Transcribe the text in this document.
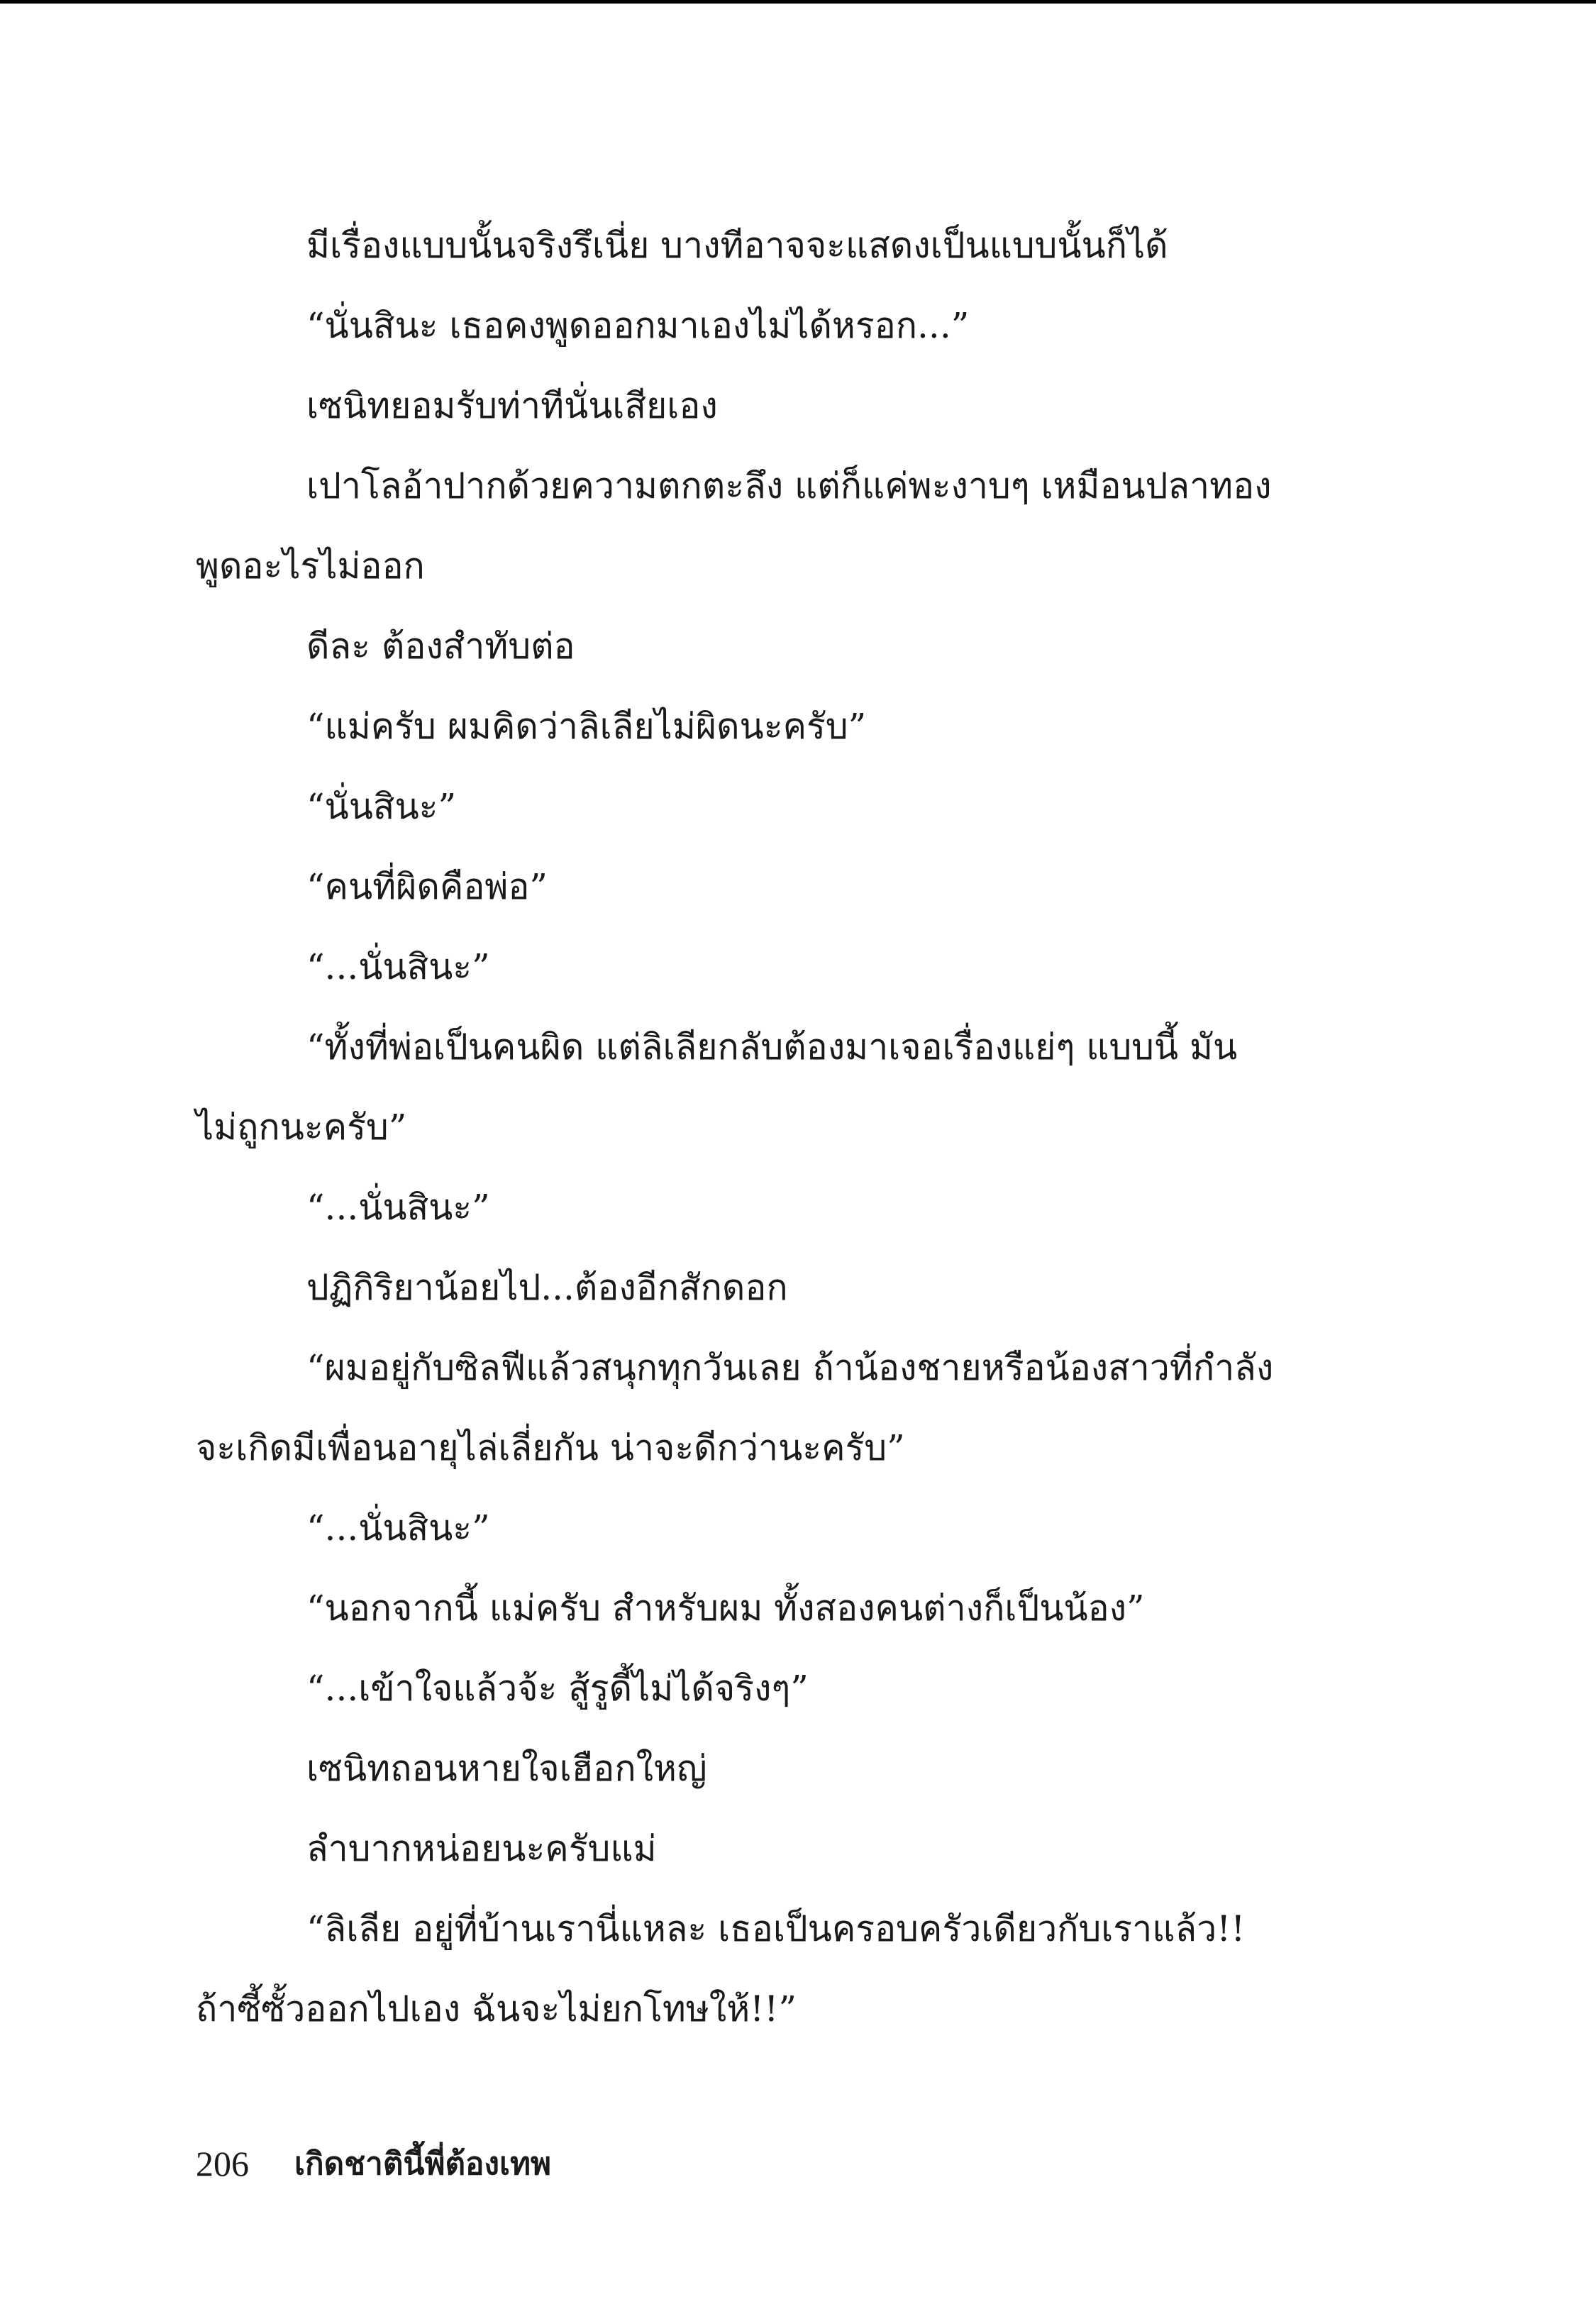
มีเรื่องแบบนั้นจริงรึเนี่ย บางทีอาจจะแสดงเป็นแบบนั้นก็ได้

“นั่นสินะ เธอคงพูดออกมาเองไม่ได้หรอก...”

เซนิทยอมรับท่าทีนั่นเสียเอง

เปาโลอ้าปากด้วยความตกตะลึง แต่ก็แค่พะงาบๆ เหมือนปลาทอง

พูดอะไรไม่ออก

ดีละ ต้องสำทับต่อ

“แม่ครับ ผมคิดว่าลิเลียไม่ผิดนะครับ”

“นั่นสินะ”

“คนที่ผิดคือพ่อ”

“...นั่นสินะ”

“ทั้งที่พ่อเป็นคนผิด แต่ลิเลียกลับต้องมาเจอเรื่องแย่ๆ แบบนี้ มัน

ไม่ถูกนะครับ”

“...นั่นสินะ”

ปฏิกิริยาน้อยไป...ต้องอีกสักดอก

“ผมอยู่กับซิลฟีแล้วสนุกทุกวันเลย ถ้าน้องชายหรือน้องสาวที่กำลัง

จะเกิดมีเพื่อนอายุไล่เลี่ยกัน น่าจะดีกว่านะครับ”

“...นั่นสินะ”

“นอกจากนี้ แม่ครับ สำหรับผม ทั้งสองคนต่างก็เป็นน้อง”

“...เข้าใจแล้วจ้ะ สู้รูดี้ไม่ได้จริงๆ”

เซนิทถอนหายใจเฮือกใหญ่

ลำบากหน่อยนะครับแม่

“ลิเลีย อยู่ที่บ้านเรานี่แหละ เธอเป็นครอบครัวเดียวกับเราแล้ว!!

ถ้าซี้ซั้วออกไปเอง ฉันจะไม่ยกโทษให้!!”

206 เกิดชาตินี้พี่ต้องเทพ
